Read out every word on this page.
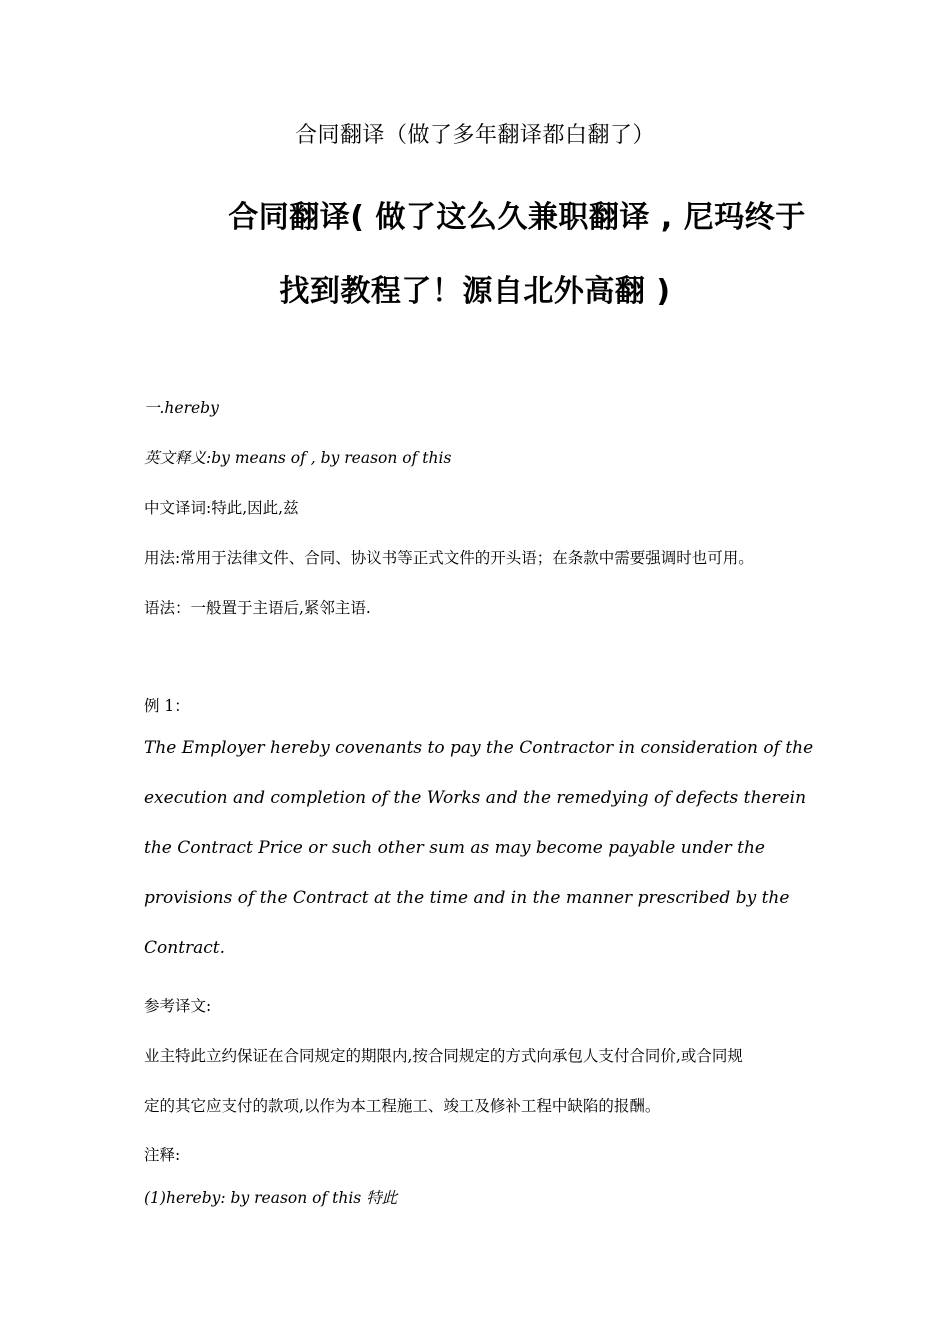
合同翻译（做了多年翻译都白翻了）
合同翻译( 做了这么久兼职翻译 , 尼玛终于
找到教程了！源自北外高翻 )
一.hereby
英文释义:by means of , by reason of this
中文译词:特此,因此,兹
用法:常用于法律文件、合同、协议书等正式文件的开头语；在条款中需要强调时也可用。
语法：一般置于主语后,紧邻主语.
例 1：
The Employer hereby covenants to pay the Contractor in consideration of the
execution and completion of the Works and the remedying of defects therein
the Contract Price or such other sum as may become payable under the
provisions of the Contract at the time and in the manner prescribed by the
Contract.
参考译文:
业主特此立约保证在合同规定的期限内,按合同规定的方式向承包人支付合同价,或合同规
定的其它应支付的款项,以作为本工程施工、竣工及修补工程中缺陷的报酬。
注释:
(1)hereby: by reason of this 特此
